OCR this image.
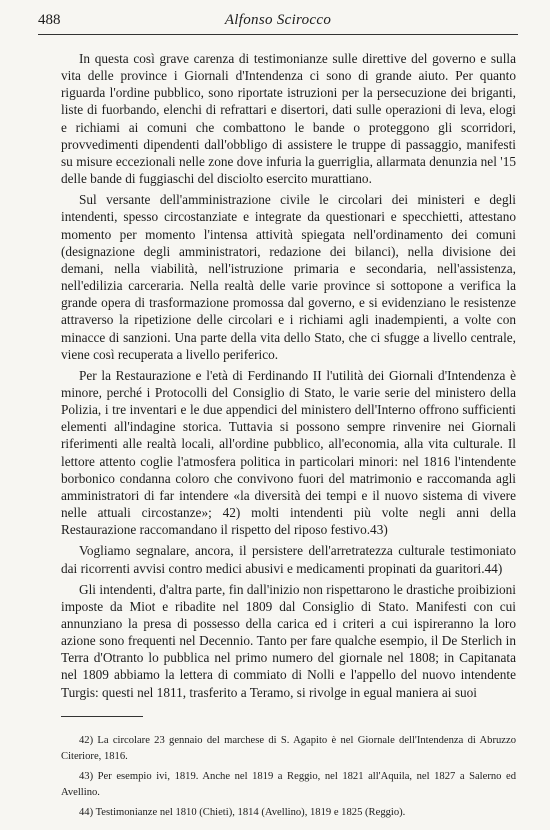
488	Alfonso Scirocco

In questa così grave carenza di testimonianze sulle direttive del governo e sulla vita delle province i Giornali d'Intendenza ci sono di grande aiuto. Per quanto riguarda l'ordine pubblico, sono riportate istruzioni per la persecuzione dei briganti, liste di fuorbando, elenchi di refrattari e disertori, dati sulle operazioni di leva, elogi e richiami ai comuni che combattono le bande o proteggono gli scorridori, provvedimenti dipendenti dall'obbligo di assistere le truppe di passaggio, manifesti su misure eccezionali nelle zone dove infuria la guerriglia, allarmata denunzia nel '15 delle bande di fuggiaschi del disciolto esercito murattiano.

Sul versante dell'amministrazione civile le circolari dei ministeri e degli intendenti, spesso circostanziate e integrate da questionari e specchietti, attestano momento per momento l'intensa attività spiegata nell'ordinamento dei comuni (designazione degli amministratori, redazione dei bilanci), nella divisione dei demani, nella viabilità, nell'istruzione primaria e secondaria, nell'assistenza, nell'edilizia carceraria. Nella realtà delle varie province si sottopone a verifica la grande opera di trasformazione promossa dal governo, e si evidenziano le resistenze attraverso la ripetizione delle circolari e i richiami agli inadempienti, a volte con minacce di sanzioni. Una parte della vita dello Stato, che ci sfugge a livello centrale, viene così recuperata a livello periferico.

Per la Restaurazione e l'età di Ferdinando II l'utilità dei Giornali d'Intendenza è minore, perché i Protocolli del Consiglio di Stato, le varie serie del ministero della Polizia, i tre inventari e le due appendici del ministero dell'Interno offrono sufficienti elementi all'indagine storica. Tuttavia si possono sempre rinvenire nei Giornali riferimenti alle realtà locali, all'ordine pubblico, all'economia, alla vita culturale. Il lettore attento coglie l'atmosfera politica in particolari minori: nel 1816 l'intendente borbonico condanna coloro che convivono fuori del matrimonio e raccomanda agli amministratori di far intendere «la diversità dei tempi e il nuovo sistema di vivere nelle attuali circostanze»; 42) molti intendenti più volte negli anni della Restaurazione raccomandano il rispetto del riposo festivo.43)

Vogliamo segnalare, ancora, il persistere dell'arretratezza culturale testimoniato dai ricorrenti avvisi contro medici abusivi e medicamenti propinati da guaritori.44)

Gli intendenti, d'altra parte, fin dall'inizio non rispettarono le drastiche proibizioni imposte da Miot e ribadite nel 1809 dal Consiglio di Stato. Manifesti con cui annunziano la presa di possesso della carica ed i criteri a cui ispireranno la loro azione sono frequenti nel Decennio. Tanto per fare qualche esempio, il De Sterlich in Terra d'Otranto lo pubblica nel primo numero del giornale nel 1808; in Capitanata nel 1809 abbiamo la lettera di commiato di Nolli e l'appello del nuovo intendente Turgis: questi nel 1811, trasferito a Teramo, si rivolge in egual maniera ai suoi

42) La circolare 23 gennaio del marchese di S. Agapito è nel Giornale dell'Intendenza di Abruzzo Citeriore, 1816.

43) Per esempio ivi, 1819. Anche nel 1819 a Reggio, nel 1821 all'Aquila, nel 1827 a Salerno ed Avellino.

44) Testimonianze nel 1810 (Chieti), 1814 (Avellino), 1819 e 1825 (Reggio).
